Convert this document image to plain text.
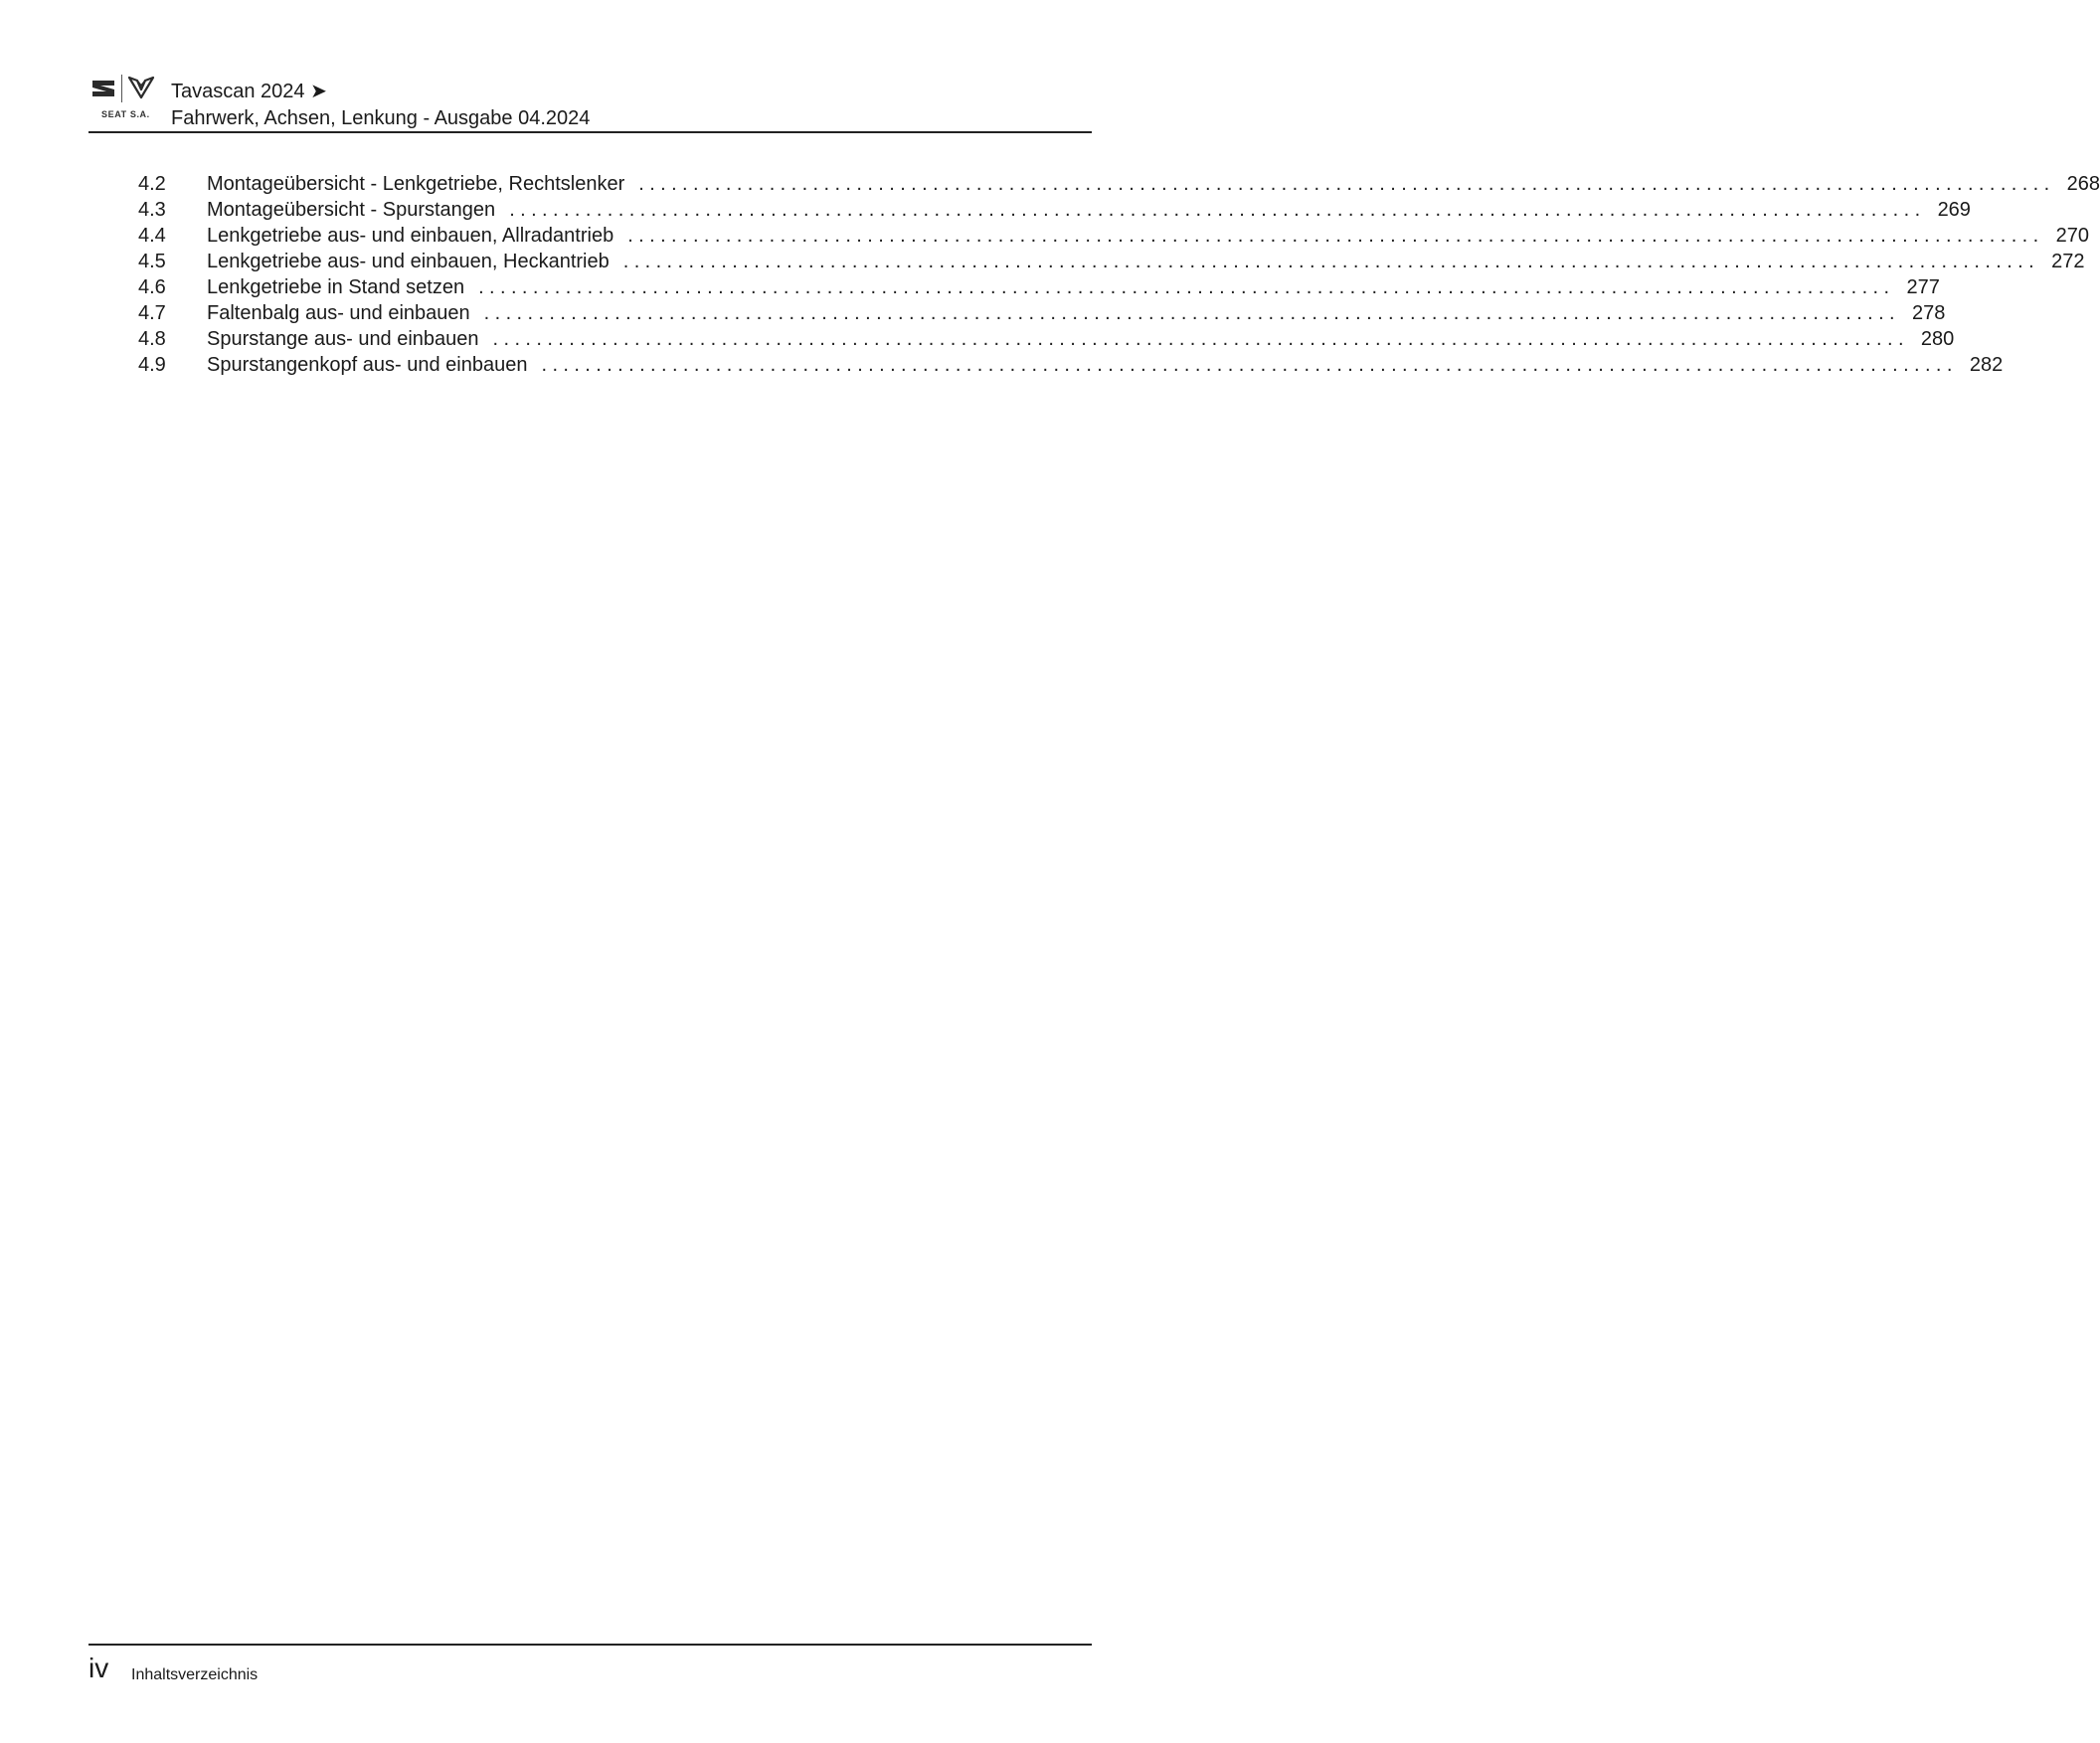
SEAT S.A.
Tavascan 2024 ➤
Fahrwerk, Achsen, Lenkung - Ausgabe 04.2024
4.2 Montageübersicht - Lenkgetriebe, Rechtslenker .................................................................................................................................. 268
4.3 Montageübersicht - Spurstangen .................................................................................................................................. 269
4.4 Lenkgetriebe aus- und einbauen, Allradantrieb .................................................................................................................................. 270
4.5 Lenkgetriebe aus- und einbauen, Heckantrieb .................................................................................................................................. 272
4.6 Lenkgetriebe in Stand setzen .................................................................................................................................. 277
4.7 Faltenbalg aus- und einbauen .................................................................................................................................. 278
4.8 Spurstange aus- und einbauen .................................................................................................................................. 280
4.9 Spurstangenkopf aus- und einbauen .................................................................................................................................. 282
iv Inhaltsverzeichnis
